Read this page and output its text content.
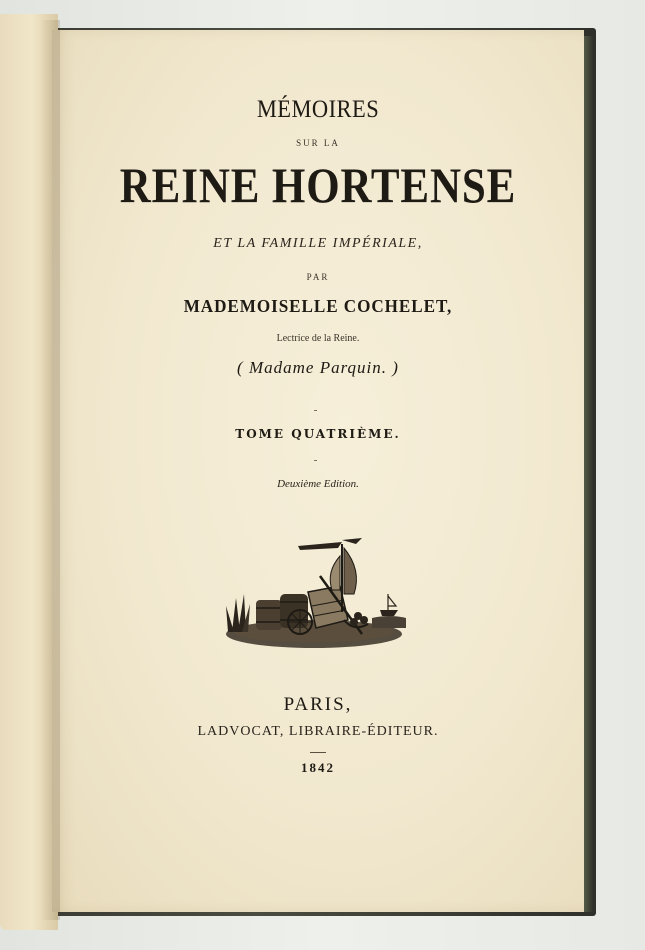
MÉMOIRES
SUR LA
REINE HORTENSE
ET LA FAMILLE IMPÉRIALE,
PAR
MADEMOISELLE COCHELET,
Lectrice de la Reine.
( Madame Parquin. )
TOME QUATRIÈME.
Deuxième Edition.
PARIS,
LADVOCAT, LIBRAIRE-ÉDITEUR.
1842
